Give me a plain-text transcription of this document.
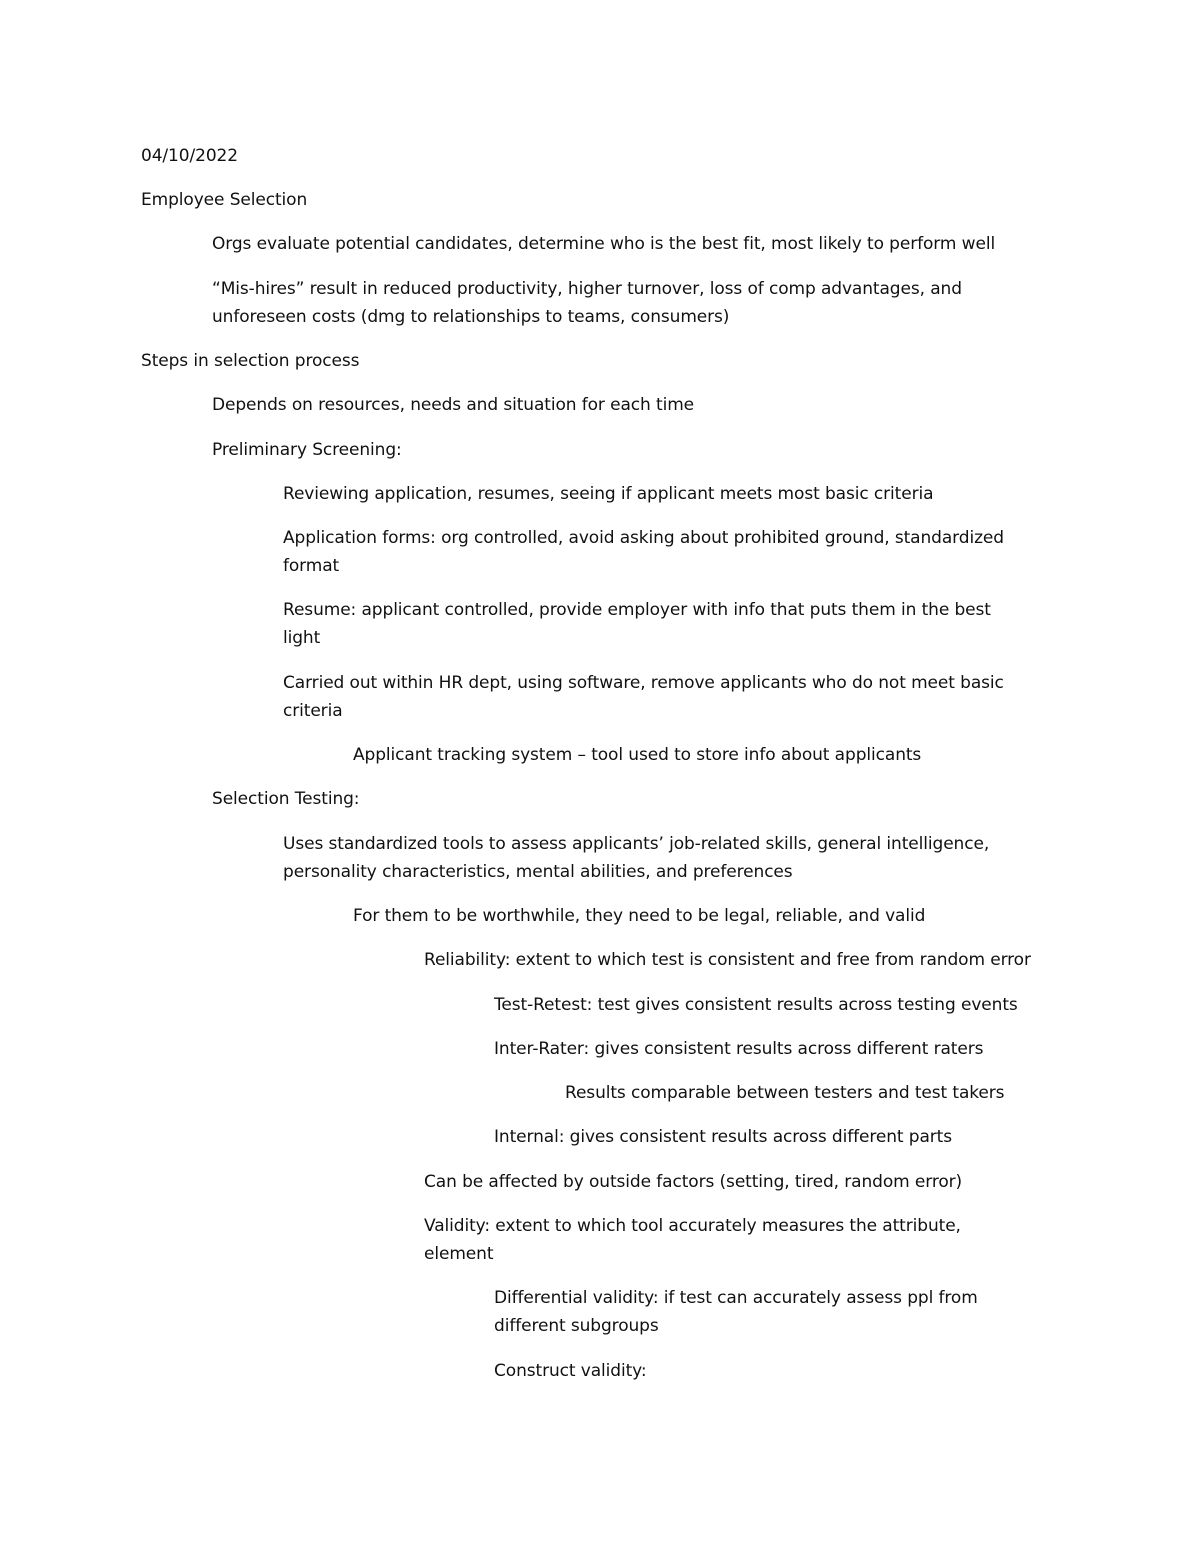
04/10/2022
Employee Selection
Orgs evaluate potential candidates, determine who is the best fit, most likely to perform well
“Mis-hires” result in reduced productivity, higher turnover, loss of comp advantages, and unforeseen costs (dmg to relationships to teams, consumers)
Steps in selection process
Depends on resources, needs and situation for each time
Preliminary Screening:
Reviewing application, resumes, seeing if applicant meets most basic criteria
Application forms: org controlled, avoid asking about prohibited ground, standardized format
Resume: applicant controlled, provide employer with info that puts them in the best light
Carried out within HR dept, using software, remove applicants who do not meet basic criteria
Applicant tracking system – tool used to store info about applicants
Selection Testing:
Uses standardized tools to assess applicants’ job-related skills, general intelligence, personality characteristics, mental abilities, and preferences
For them to be worthwhile, they need to be legal, reliable, and valid
Reliability: extent to which test is consistent and free from random error
Test-Retest: test gives consistent results across testing events
Inter-Rater: gives consistent results across different raters
Results comparable between testers and test takers
Internal: gives consistent results across different parts
Can be affected by outside factors (setting, tired, random error)
Validity: extent to which tool accurately measures the attribute, element
Differential validity: if test can accurately assess ppl from different subgroups
Construct validity:
